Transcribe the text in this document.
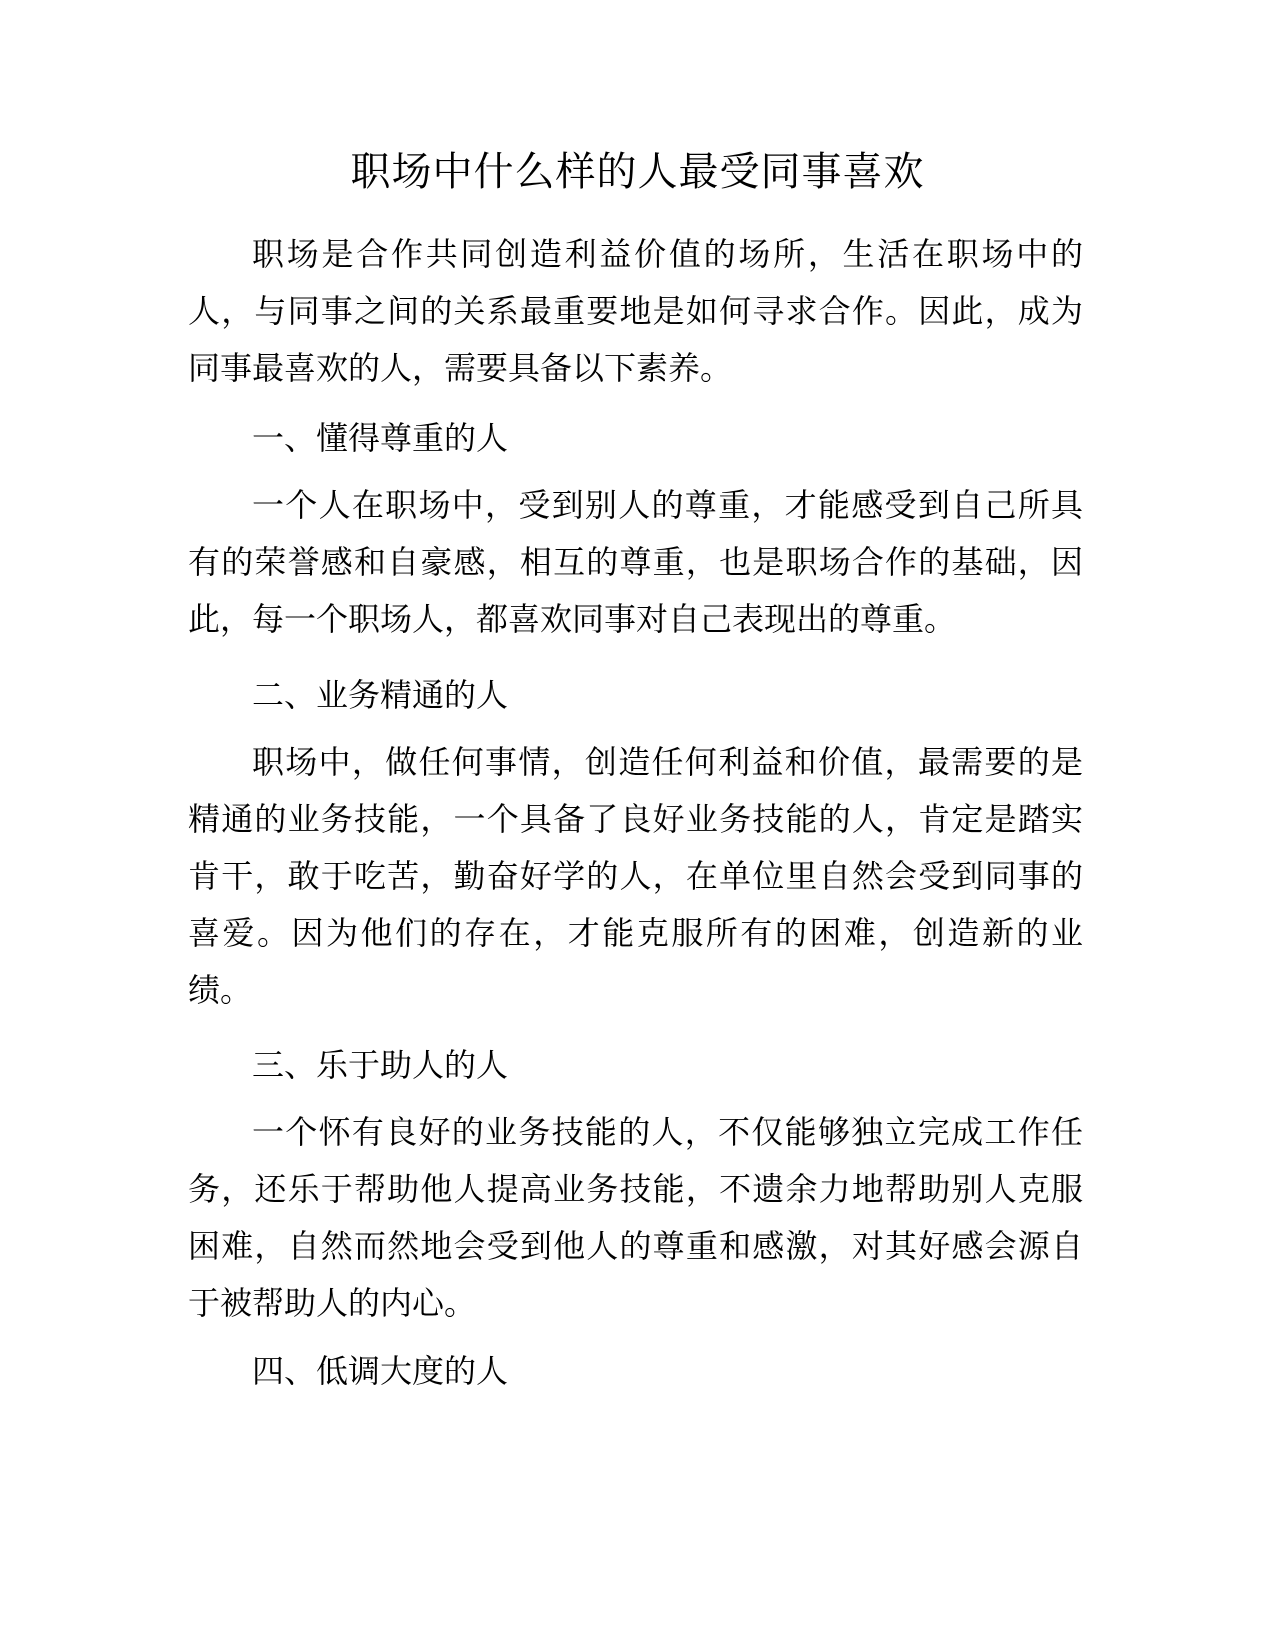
职场中什么样的人最受同事喜欢

职场是合作共同创造利益价值的场所，生活在职场中的人，与同事之间的关系最重要地是如何寻求合作。因此，成为同事最喜欢的人，需要具备以下素养。

一、懂得尊重的人

一个人在职场中，受到别人的尊重，才能感受到自己所具有的荣誉感和自豪感，相互的尊重，也是职场合作的基础，因此，每一个职场人，都喜欢同事对自己表现出的尊重。

二、业务精通的人

职场中，做任何事情，创造任何利益和价值，最需要的是精通的业务技能，一个具备了良好业务技能的人，肯定是踏实肯干，敢于吃苦，勤奋好学的人，在单位里自然会受到同事的喜爱。因为他们的存在，才能克服所有的困难，创造新的业绩。

三、乐于助人的人

一个怀有良好的业务技能的人，不仅能够独立完成工作任务，还乐于帮助他人提高业务技能，不遗余力地帮助别人克服困难，自然而然地会受到他人的尊重和感激，对其好感会源自于被帮助人的内心。

四、低调大度的人
